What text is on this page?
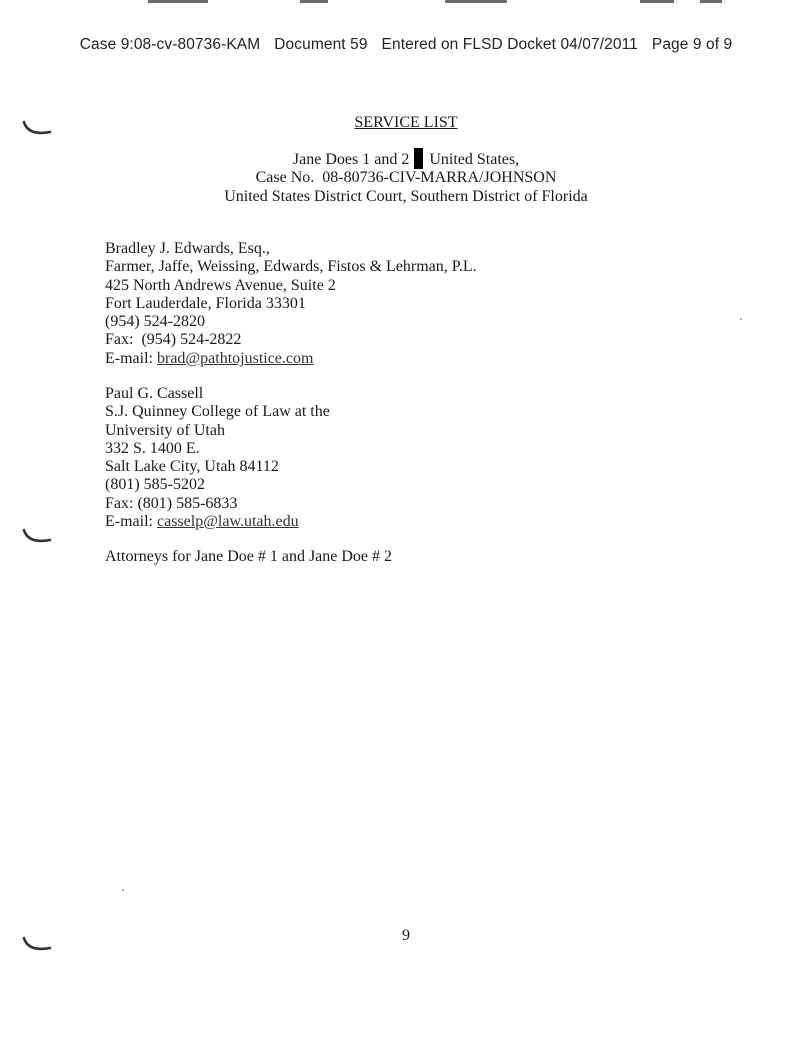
Case 9:08-cv-80736-KAM Document 59 Entered on FLSD Docket 04/07/2011 Page 9 of 9
SERVICE LIST
Jane Does 1 and 2 United States,
Case No.  08-80736-CIV-MARRA/JOHNSON
United States District Court, Southern District of Florida
Bradley J. Edwards, Esq.,
Farmer, Jaffe, Weissing, Edwards, Fistos & Lehrman, P.L.
425 North Andrews Avenue, Suite 2
Fort Lauderdale, Florida 33301
(954) 524-2820
Fax:  (954) 524-2822
E-mail: brad@pathtojustice.com
Paul G. Cassell
S.J. Quinney College of Law at the
University of Utah
332 S. 1400 E.
Salt Lake City, Utah 84112
(801) 585-5202
Fax: (801) 585-6833
E-mail: casselp@law.utah.edu
Attorneys for Jane Doe # 1 and Jane Doe # 2
9
